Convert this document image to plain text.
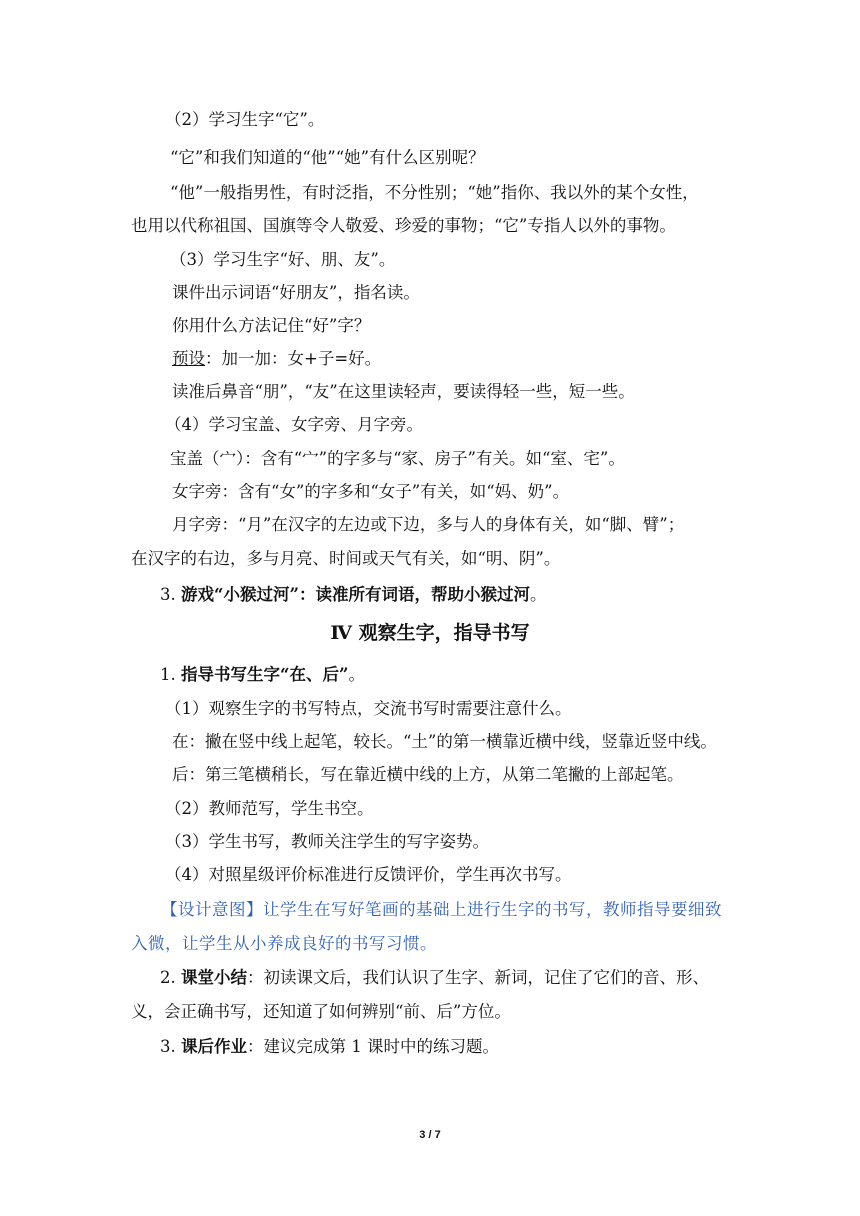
（2）学习生字“它”。
“它”和我们知道的“他”“她”有什么区别呢？
“他”一般指男性，有时泛指，不分性别；“她”指你、我以外的某个女性，
也用以代称祖国、国旗等令人敬爱、珍爱的事物；“它”专指人以外的事物。
（3）学习生字“好、朋、友”。
课件出示词语“好朋友”，指名读。
你用什么方法记住“好”字？
预设：加一加：女+子=好。
读准后鼻音“朋”，“友”在这里读轻声，要读得轻一些，短一些。
（4）学习宝盖、女字旁、月字旁。
宝盖（宀）：含有“宀”的字多与“家、房子”有关。如“室、宅”。
女字旁：含有“女”的字多和“女子”有关，如“妈、奶”。
月字旁：“月”在汉字的左边或下边，多与人的身体有关，如“脚、臂”；
在汉字的右边，多与月亮、时间或天气有关，如“明、阴”。
3. 游戏“小猴过河”：读准所有词语，帮助小猴过河。
Ⅳ 观察生字，指导书写
1. 指导书写生字“在、后”。
（1）观察生字的书写特点，交流书写时需要注意什么。
在：撇在竖中线上起笔，较长。“土”的第一横靠近横中线，竖靠近竖中线。
后：第三笔横稍长，写在靠近横中线的上方，从第二笔撇的上部起笔。
（2）教师范写，学生书空。
（3）学生书写，教师关注学生的写字姿势。
（4）对照星级评价标准进行反馈评价，学生再次书写。
【设计意图】让学生在写好笔画的基础上进行生字的书写，教师指导要细致
入微，让学生从小养成良好的书写习惯。
2. 课堂小结：初读课文后，我们认识了生字、新词，记住了它们的音、形、
义，会正确书写，还知道了如何辨别“前、后”方位。
3. 课后作业：建议完成第 1 课时中的练习题。
3 / 7
